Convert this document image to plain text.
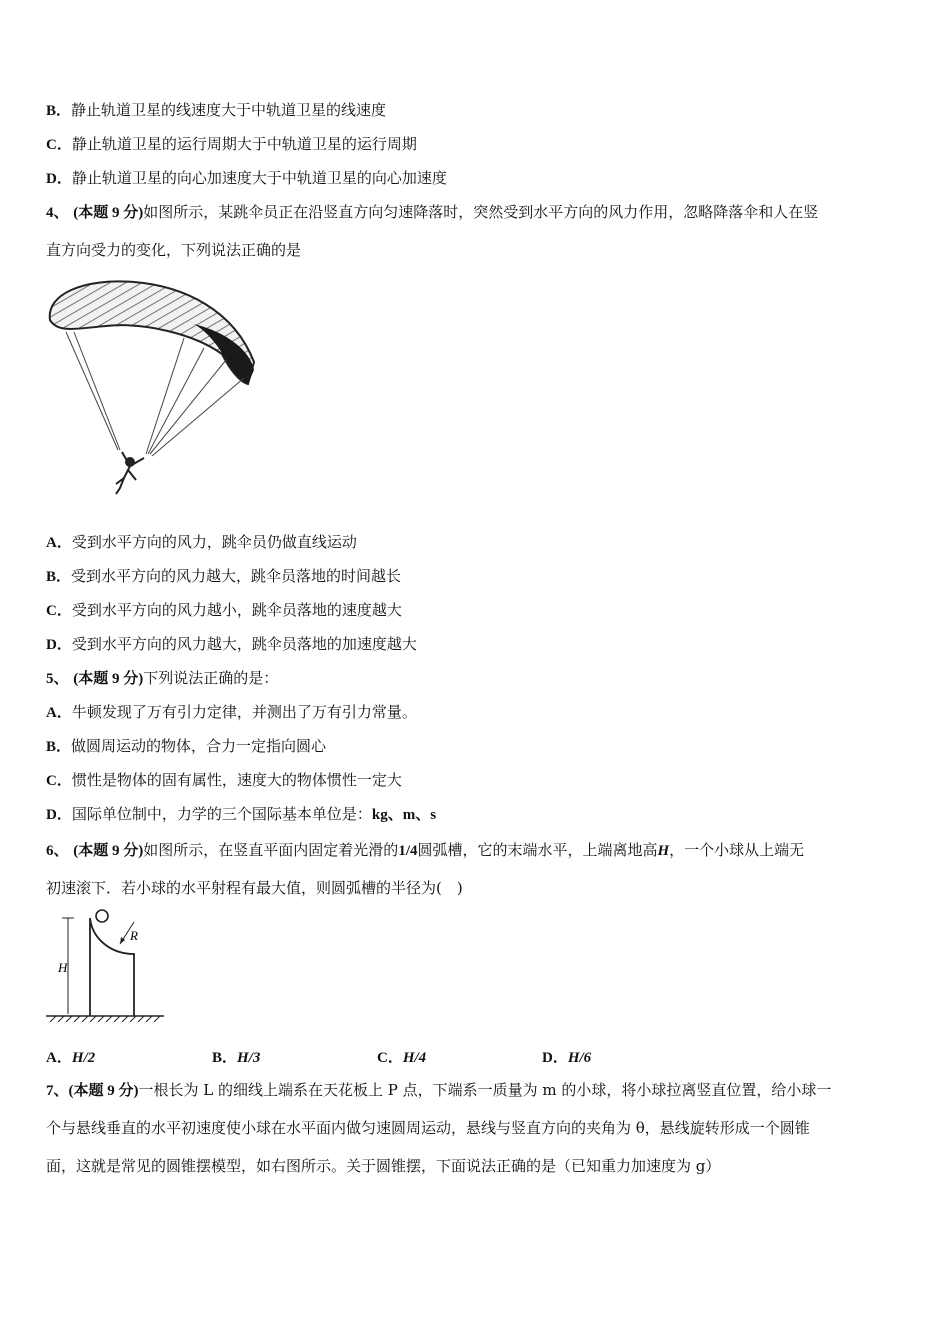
B．静止轨道卫星的线速度大于中轨道卫星的线速度
C．静止轨道卫星的运行周期大于中轨道卫星的运行周期
D．静止轨道卫星的向心加速度大于中轨道卫星的向心加速度
4、 (本题 9 分)如图所示，某跳伞员正在沿竖直方向匀速降落时，突然受到水平方向的风力作用，忽略降落伞和人在竖
直方向受力的变化，下列说法正确的是
A．受到水平方向的风力，跳伞员仍做直线运动
B．受到水平方向的风力越大，跳伞员落地的时间越长
C．受到水平方向的风力越小，跳伞员落地的速度越大
D．受到水平方向的风力越大，跳伞员落地的加速度越大
5、 (本题 9 分)下列说法正确的是：
A．牛顿发现了万有引力定律，并测出了万有引力常量。
B．做圆周运动的物体，合力一定指向圆心
C．惯性是物体的固有属性，速度大的物体惯性一定大
D．国际单位制中，力学的三个国际基本单位是：kg、m、s
6、 (本题 9 分)如图所示，在竖直平面内固定着光滑的1/4圆弧槽，它的末端水平，上端离地高H，一个小球从上端无
初速滚下．若小球的水平射程有最大值，则圆弧槽的半径为(　)
R
H
A．H/2	B．H/3	C．H/4	D．H/6
7、(本题 9 分)一根长为 L 的细线上端系在天花板上 P 点，下端系一质量为 m 的小球，将小球拉离竖直位置，给小球一
个与悬线垂直的水平初速度使小球在水平面内做匀速圆周运动，悬线与竖直方向的夹角为 θ，悬线旋转形成一个圆锥
面，这就是常见的圆锥摆模型，如右图所示。关于圆锥摆，下面说法正确的是（已知重力加速度为 g）
